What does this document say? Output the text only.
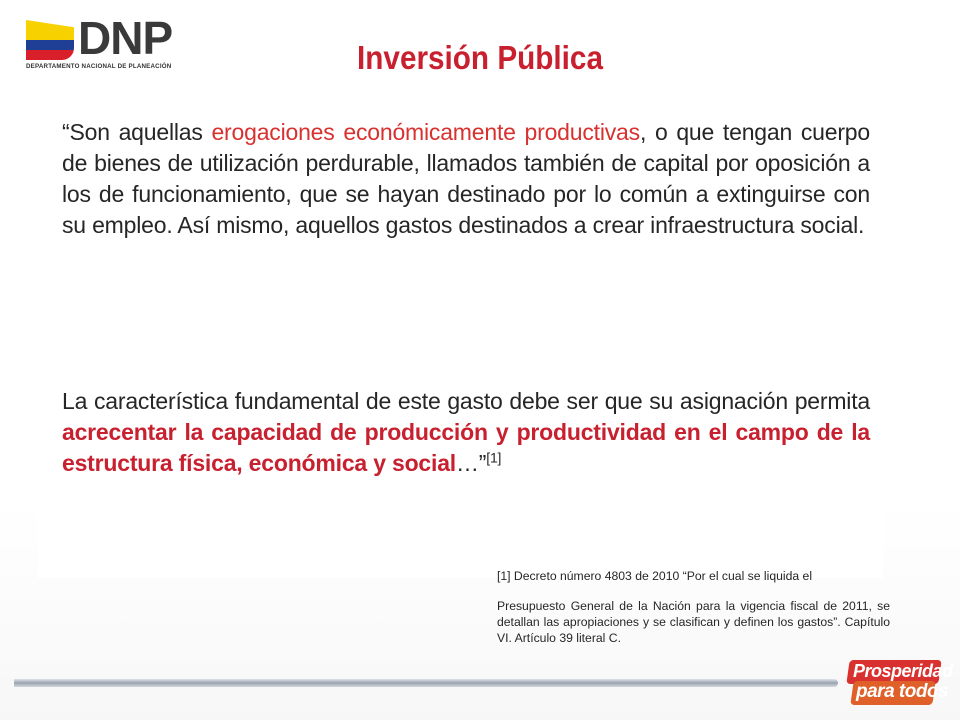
DNP
DEPARTAMENTO NACIONAL DE PLANEACIÓN	Inversión Pública

“Son aquellas erogaciones económicamente productivas, o que tengan cuerpo de bienes de utilización perdurable, llamados también de capital por oposición a los de funcionamiento, que se hayan destinado por lo común a extinguirse con su empleo. Así mismo, aquellos gastos destinados a crear infraestructura social.

La característica fundamental de este gasto debe ser que su asignación permita acrecentar la capacidad de producción y productividad en el campo de la estructura física, económica y social…”[1]

[1] Decreto número 4803 de 2010 “Por el cual se liquida el
Presupuesto General de la Nación para la vigencia fiscal de 2011, se detallan las apropiaciones y se clasifican y definen los gastos”. Capítulo VI. Artículo 39 literal C.
Prosperidad
para todos
